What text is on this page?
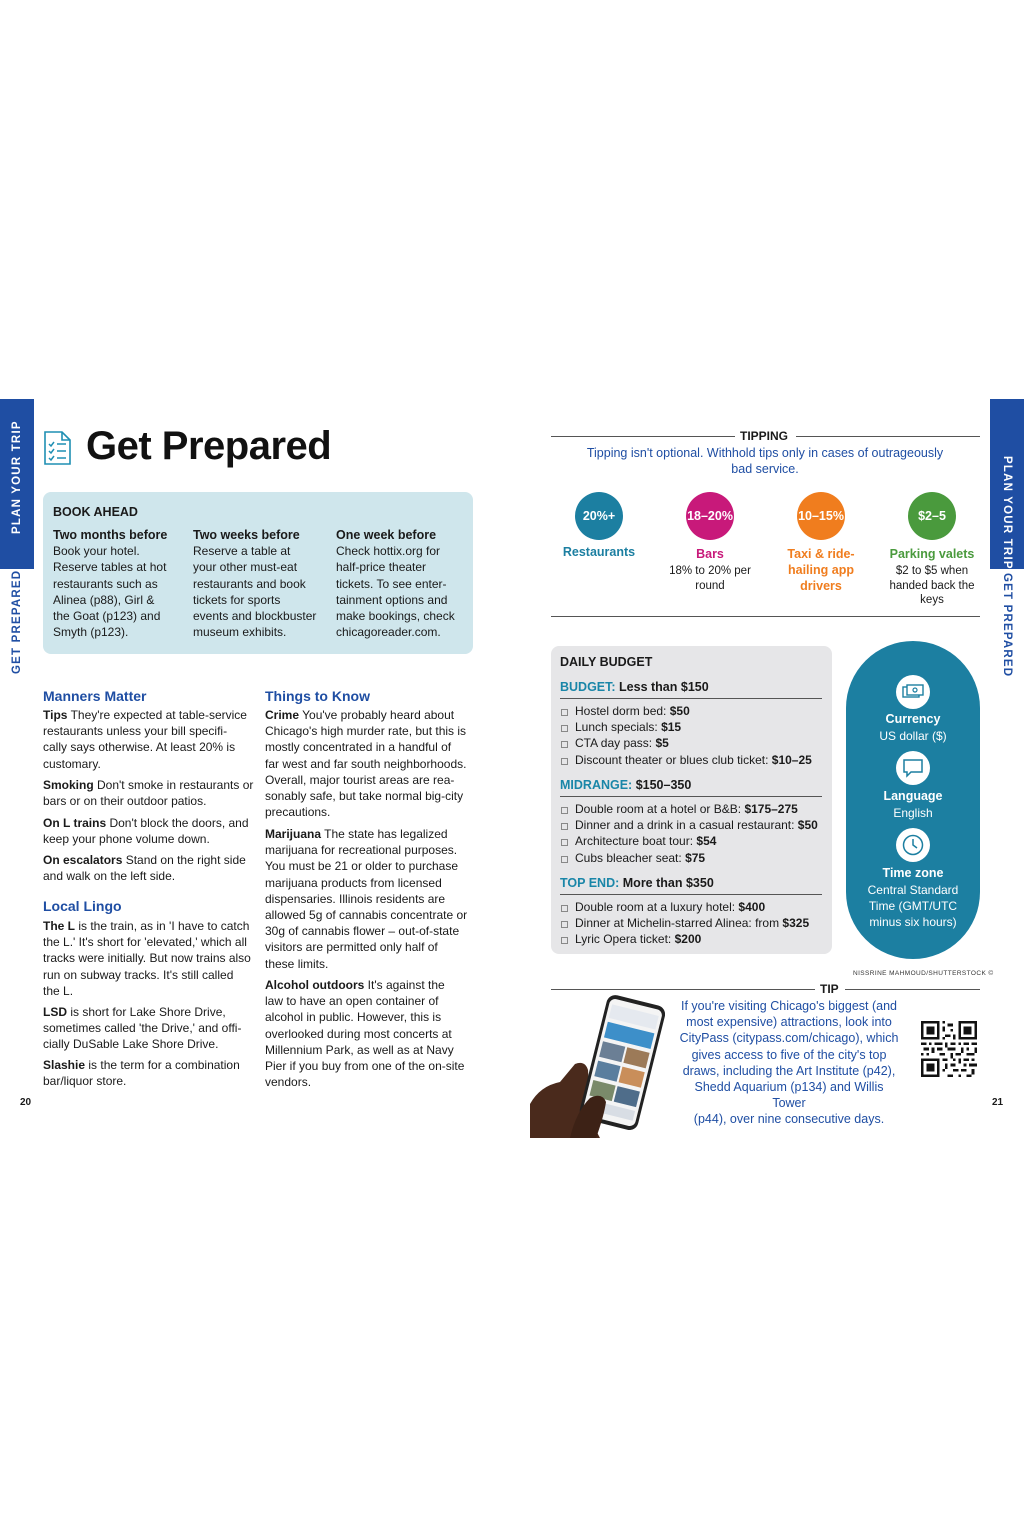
PLAN YOUR TRIP
GET PREPARED
PLAN YOUR TRIP
GET PREPARED
20	21
Get Prepared
BOOK AHEAD
Two months before
Book your hotel.
Reserve tables at hot
restaurants such as
Alinea (p88), Girl &
the Goat (p123) and
Smyth (p123).
Two weeks before
Reserve a table at
your other must-eat
restaurants and book
tickets for sports
events and blockbuster
museum exhibits.
One week before
Check hottix.org for
half-price theater
tickets. To see enter-
tainment options and
make bookings, check
chicagoreader.com.
Manners Matter
Tips They're expected at table-service
restaurants unless your bill specifi-
cally says otherwise. At least 20% is
customary.
Smoking Don't smoke in restaurants or
bars or on their outdoor patios.
On L trains Don't block the doors, and
keep your phone volume down.
On escalators Stand on the right side
and walk on the left side.
Local Lingo
The L is the train, as in 'I have to catch
the L.' It's short for 'elevated,' which all
tracks were initially. But now trains also
run on subway tracks. It's still called
the L.
LSD is short for Lake Shore Drive,
sometimes called 'the Drive,' and offi-
cially DuSable Lake Shore Drive.
Slashie is the term for a combination
bar/liquor store.
Things to Know
Crime You've probably heard about
Chicago's high murder rate, but this is
mostly concentrated in a handful of
far west and far south neighborhoods.
Overall, major tourist areas are rea-
sonably safe, but take normal big-city
precautions.
Marijuana The state has legalized
marijuana for recreational purposes.
You must be 21 or older to purchase
marijuana products from licensed
dispensaries. Illinois residents are
allowed 5g of cannabis concentrate or
30g of cannabis flower – out-of-state
visitors are permitted only half of
these limits.
Alcohol outdoors It's against the
law to have an open container of
alcohol in public. However, this is
overlooked during most concerts at
Millennium Park, as well as at Navy
Pier if you buy from one of the on-site
vendors.
TIPPING
Tipping isn't optional. Withhold tips only in cases of outrageously bad service.
20%+
Restaurants
18–20%
Bars
18% to 20% per round
10–15%
Taxi & ride-hailing app drivers
$2–5
Parking valets
$2 to $5 when handed back the keys
DAILY BUDGET
BUDGET: Less than $150
Hostel dorm bed: $50
Lunch specials: $15
CTA day pass: $5
Discount theater or blues club ticket: $10–25
MIDRANGE: $150–350
Double room at a hotel or B&B: $175–275
Dinner and a drink in a casual restaurant: $50
Architecture boat tour: $54
Cubs bleacher seat: $75
TOP END: More than $350
Double room at a luxury hotel: $400
Dinner at Michelin-starred Alinea: from $325
Lyric Opera ticket: $200
Currency
US dollar ($)
Language
English
Time zone
Central Standard
Time (GMT/UTC
minus six hours)
NISSRINE MAHMOUD/SHUTTERSTOCK ©
TIP
If you're visiting Chicago's biggest (and
most expensive) attractions, look into
CityPass (citypass.com/chicago), which
gives access to five of the city's top
draws, including the Art Institute (p42),
Shedd Aquarium (p134) and Willis Tower
(p44), over nine consecutive days.
